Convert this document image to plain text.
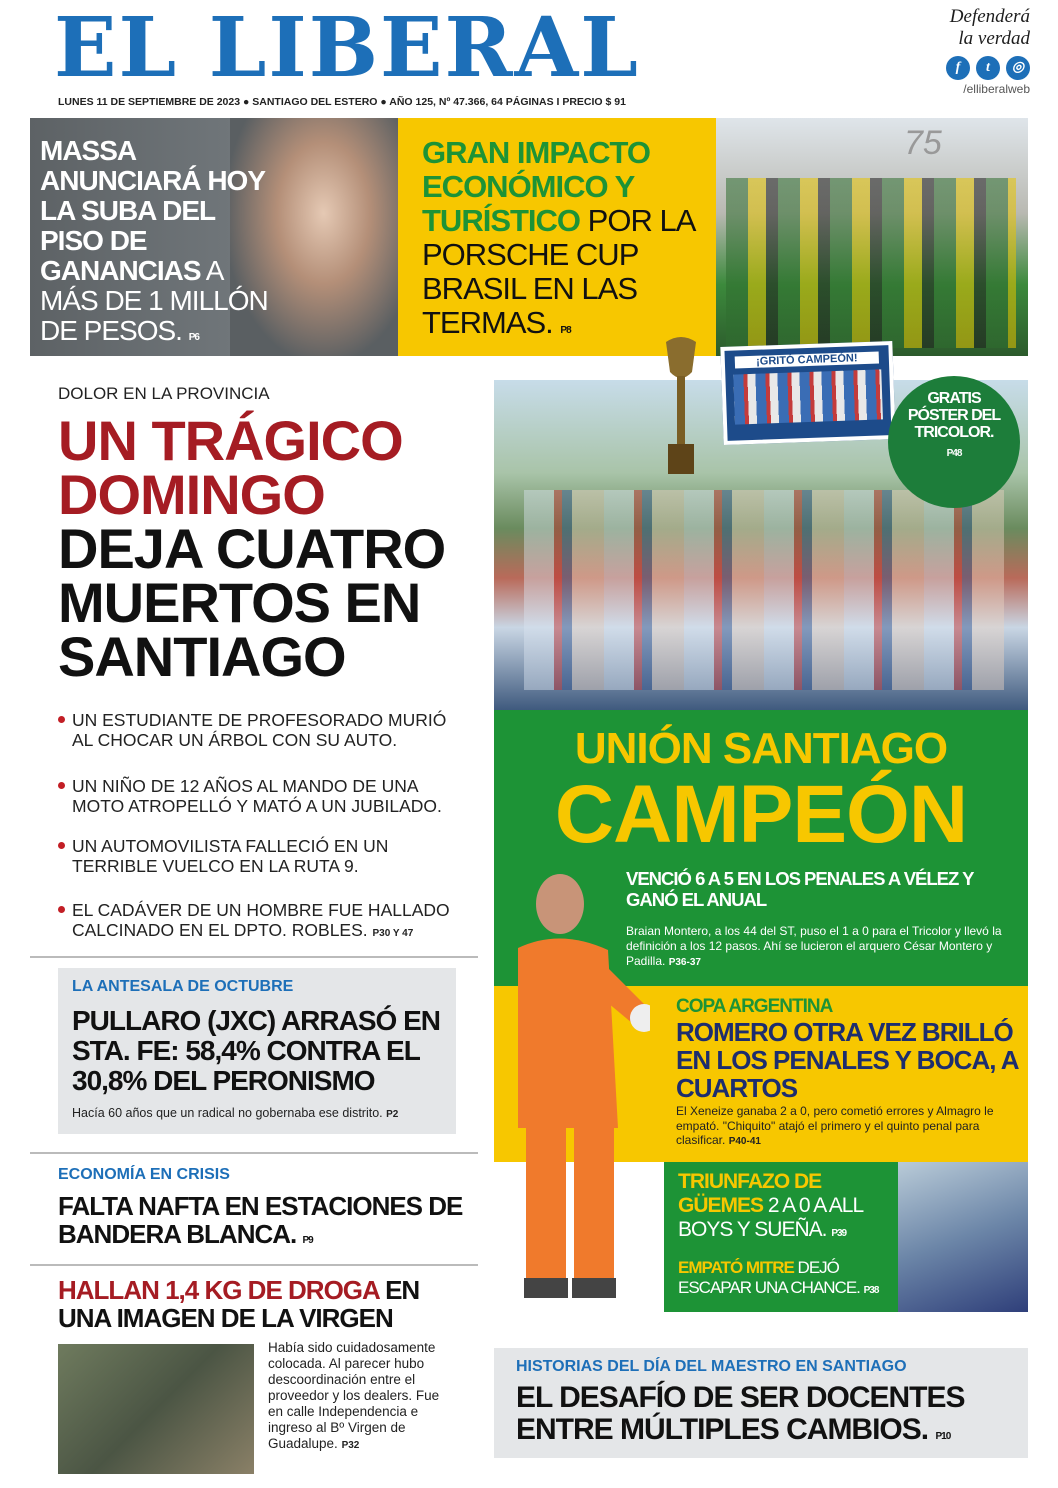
EL LIBERAL	Defenderá
la verdad
f	t	◎
/elliberalweb
LUNES 11 DE SEPTIEMBRE DE 2023 ● SANTIAGO DEL ESTERO ● AÑO 125, Nº 47.366, 64 PÁGINAS I PRECIO $ 91
MASSA ANUNCIARÁ HOY LA SUBA DEL PISO DE GANANCIAS A MÁS DE 1 MILLÓN DE PESOS. P6
GRAN IMPACTO ECONÓMICO Y TURÍSTICO POR LA PORSCHE CUP BRASIL EN LAS TERMAS. P8
75
DOLOR EN LA PROVINCIA
UN TRÁGICO DOMINGO
DEJA CUATRO MUERTOS EN SANTIAGO
UN ESTUDIANTE DE PROFESORADO MURIÓ AL CHOCAR UN ÁRBOL CON SU AUTO.
UN NIÑO DE 12 AÑOS AL MANDO DE UNA MOTO ATROPELLÓ Y MATÓ A UN JUBILADO.
UN AUTOMOVILISTA FALLECIÓ EN UN TERRIBLE VUELCO EN LA RUTA 9.
EL CADÁVER DE UN HOMBRE FUE HALLADO CALCINADO EN EL DPTO. ROBLES. P30 Y 47
LA ANTESALA DE OCTUBRE
PULLARO (JXC) ARRASÓ EN STA. FE: 58,4% CONTRA EL 30,8% DEL PERONISMO
Hacía 60 años que un radical no gobernaba ese distrito. P2
ECONOMÍA EN CRISIS
FALTA NAFTA EN ESTACIONES DE BANDERA BLANCA. P9
HALLAN 1,4 KG DE DROGA EN UNA IMAGEN DE LA VIRGEN
Había sido cuidadosamente colocada. Al parecer hubo descoordinación entre el proveedor y los dealers. Fue en calle Independencia e ingreso al Bº Virgen de Guadalupe. P32
¡GRITÓ CAMPEÓN!
GRATIS PÓSTER DEL TRICOLOR.
P48
UNIÓN SANTIAGO
CAMPEÓN
VENCIÓ 6 A 5 EN LOS PENALES A VÉLEZ Y GANÓ EL ANUAL
Braian Montero, a los 44 del ST, puso el 1 a 0 para el Tricolor y llevó la definición a los 12 pasos. Ahí se lucieron el arquero César Montero y Padilla. P36-37
COPA ARGENTINA
ROMERO OTRA VEZ BRILLÓ EN LOS PENALES Y BOCA, A CUARTOS
El Xeneize ganaba 2 a 0, pero cometió errores y Almagro le empató. "Chiquito" atajó el primero y el quinto penal para clasificar. P40-41
TRIUNFAZO DE GÜEMES 2 A 0 A ALL BOYS Y SUEÑA. P39
EMPATÓ MITRE DEJÓ ESCAPAR UNA CHANCE. P38
HISTORIAS DEL DÍA DEL MAESTRO EN SANTIAGO
EL DESAFÍO DE SER DOCENTES ENTRE MÚLTIPLES CAMBIOS. P10
